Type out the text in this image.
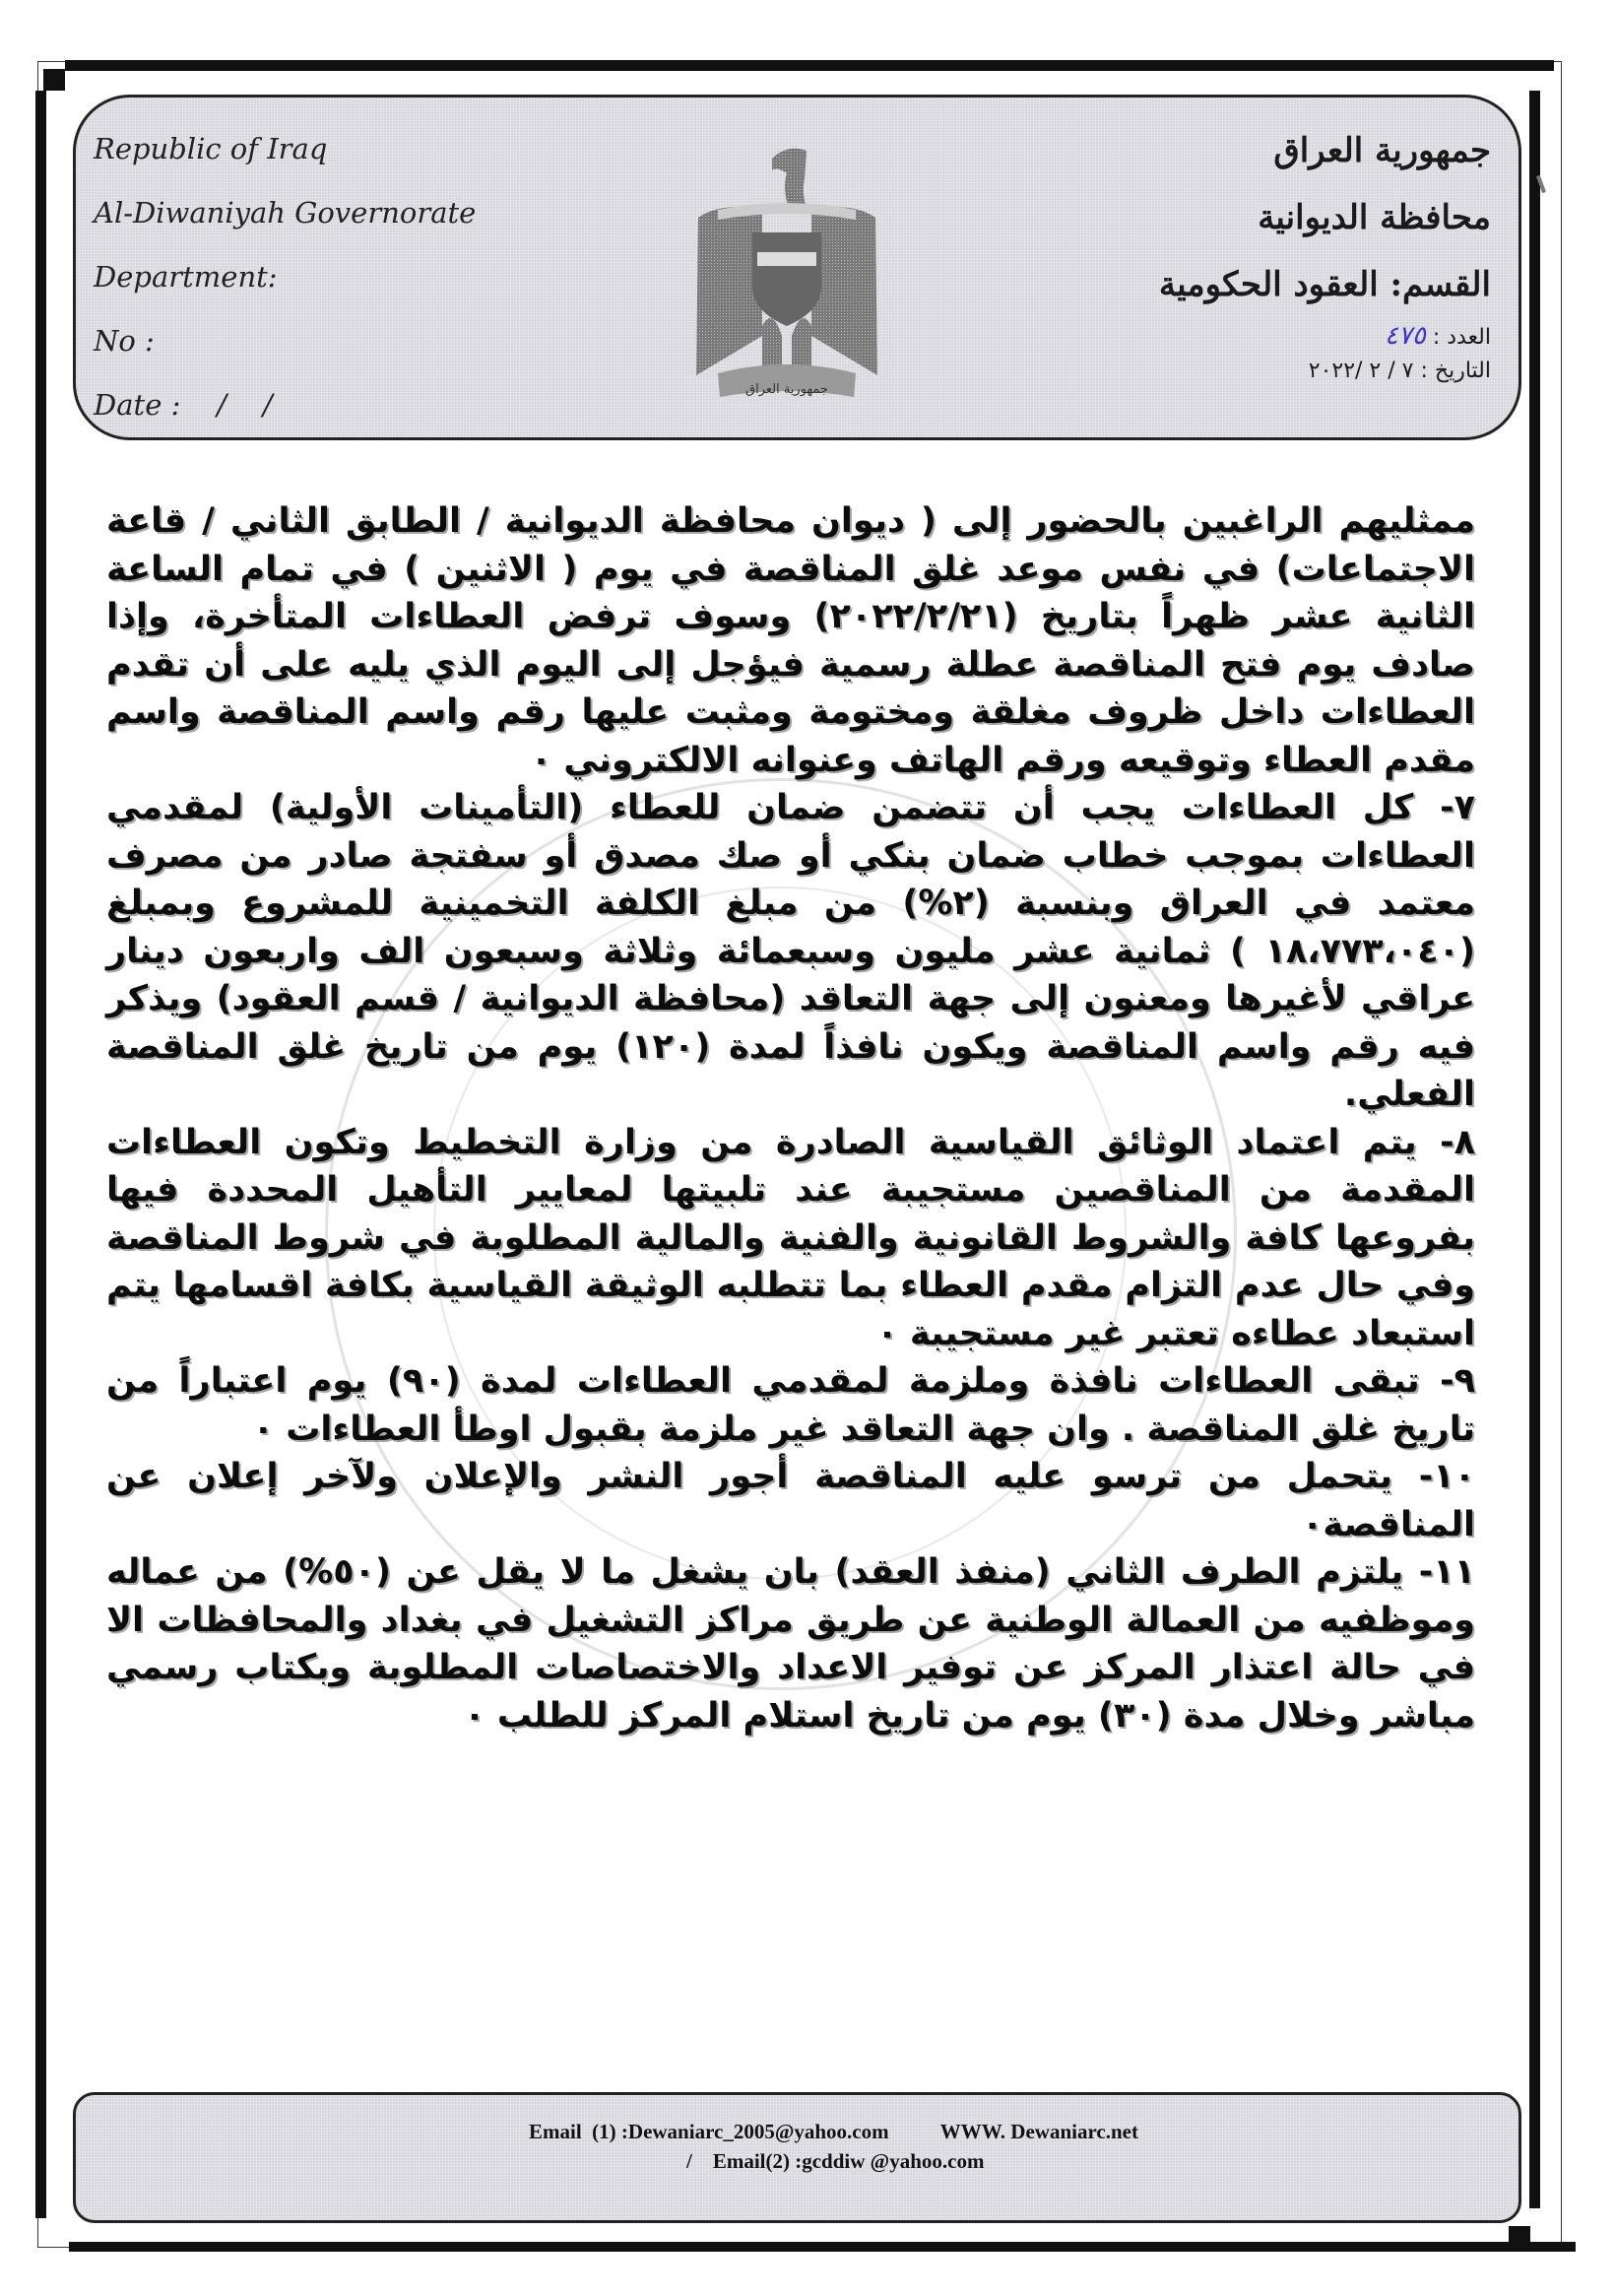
Republic of Iraq
Al-Diwaniyah Governorate
Department:
No :
Date :    /    /	جمهورية العراق
جمهورية العراق
محافظة الديوانية
القسم: العقود الحكومية
العدد : ٤٧٥
التاريخ : ٧ / ٢ /٢٠٢٢

ممثليهم الراغبين بالحضور إلى ( ديوان محافظة الديوانية / الطابق الثاني / قاعة الاجتماعات) في نفس موعد غلق المناقصة في يوم ( الاثنين ) في تمام الساعة الثانية عشر ظهراً بتاريخ (٢٠٢٢/٢/٢١) وسوف ترفض العطاءات المتأخرة، وإذا صادف يوم فتح المناقصة عطلة رسمية فيؤجل إلى اليوم الذي يليه على أن تقدم العطاءات داخل ظروف مغلقة ومختومة ومثبت عليها رقم واسم المناقصة واسم مقدم العطاء وتوقيعه ورقم الهاتف وعنوانه الالكتروني ٠

٧- كل العطاءات يجب أن تتضمن ضمان للعطاء (التأمينات الأولية) لمقدمي العطاءات بموجب خطاب ضمان بنكي أو صك مصدق أو سفتجة صادر من مصرف معتمد في العراق وبنسبة (٢%) من مبلغ الكلفة التخمينية للمشروع وبمبلغ (١٨،٧٧٣،٠٤٠ ) ثمانية عشر مليون وسبعمائة وثلاثة وسبعون الف واربعون دينار عراقي لأغيرها ومعنون إلى جهة التعاقد (محافظة الديوانية / قسم العقود) ويذكر فيه رقم واسم المناقصة ويكون نافذاً لمدة (١٢٠) يوم من تاريخ غلق المناقصة الفعلي.

٨- يتم اعتماد الوثائق القياسية الصادرة من وزارة التخطيط وتكون العطاءات المقدمة من المناقصين مستجيبة عند تلبيتها لمعايير التأهيل المحددة فيها بفروعها كافة والشروط القانونية والفنية والمالية المطلوبة في شروط المناقصة وفي حال عدم التزام مقدم العطاء بما تتطلبه الوثيقة القياسية بكافة اقسامها يتم استبعاد عطاءه تعتبر غير مستجيبة ٠

٩- تبقى العطاءات نافذة وملزمة لمقدمي العطاءات لمدة (٩٠) يوم اعتباراً من تاريخ غلق المناقصة . وان جهة التعاقد غير ملزمة بقبول اوطأ العطاءات ٠

١٠- يتحمل من ترسو عليه المناقصة أجور النشر والإعلان ولآخر إعلان عن المناقصة٠

١١- يلتزم الطرف الثاني (منفذ العقد) بان يشغل ما لا يقل عن (٥٠%) من عماله وموظفيه من العمالة الوطنية عن طريق مراكز التشغيل في بغداد والمحافظات الا في حالة اعتذار المركز عن توفير الاعداد والاختصاصات المطلوبة وبكتاب رسمي مباشر وخلال مدة (٣٠) يوم من تاريخ استلام المركز للطلب ٠

Email  (1) :Dewaniarc_2005@yahoo.com WWW. Dewaniarc.net
/    Email(2) :gcddiw @yahoo.com
